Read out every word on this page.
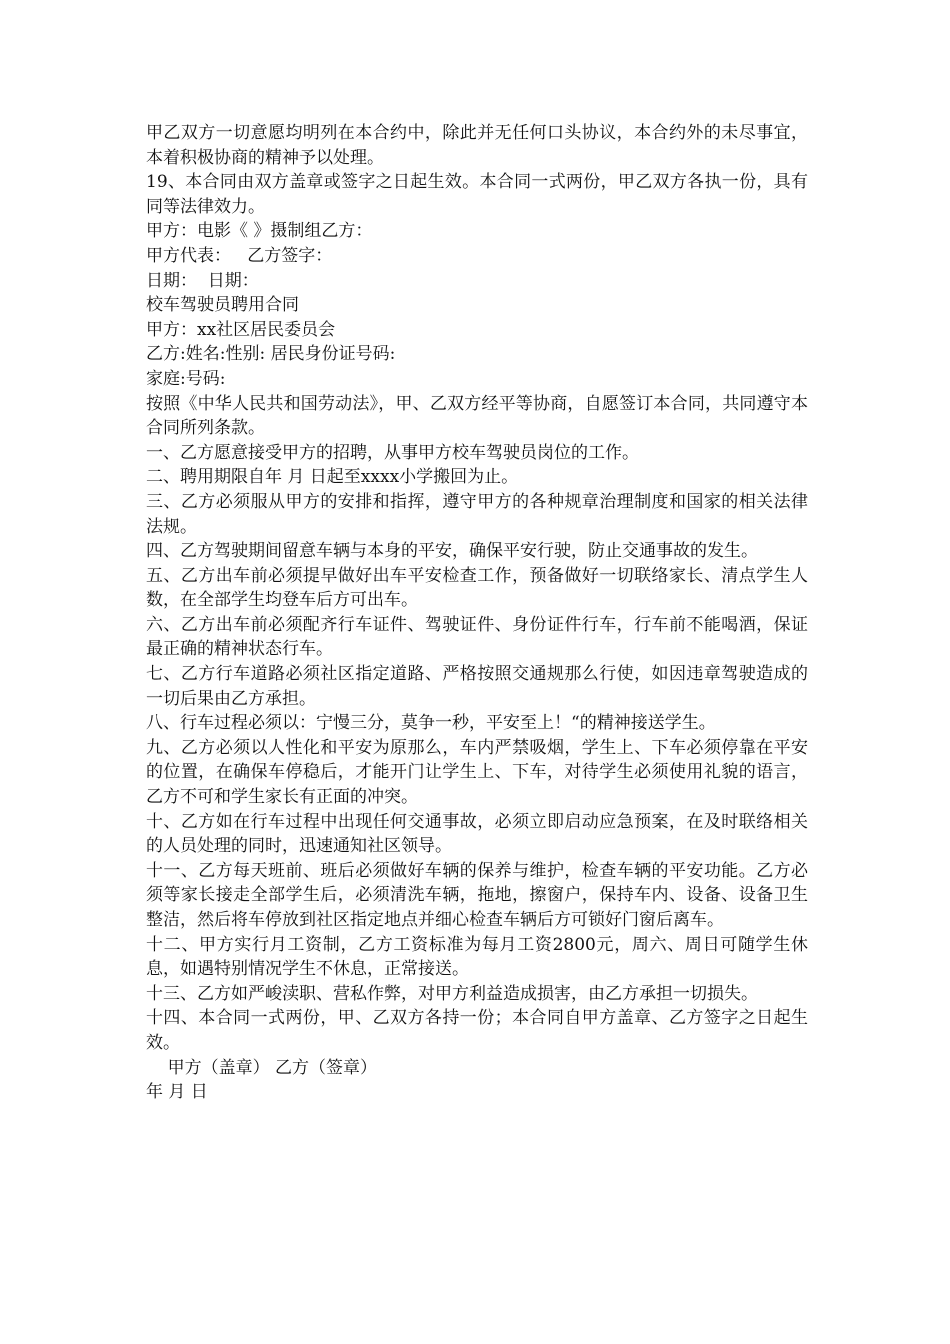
甲乙双方一切意愿均明列在本合约中，除此并无任何口头协议，本合约外的未尽事宜，本着积极协商的精神予以处理。

19、本合同由双方盖章或签字之日起生效。本合同一式两份，甲乙双方各执一份，具有同等法律效力。

甲方：电影《 》摄制组乙方：

甲方代表：   乙方签字：

日期：  日期：

校车驾驶员聘用合同

甲方：xx社区居民委员会

乙方:姓名:性别: 居民身份证号码:

家庭:号码:

按照《中华人民共和国劳动法》，甲、乙双方经平等协商，自愿签订本合同，共同遵守本合同所列条款。

一、乙方愿意接受甲方的招聘，从事甲方校车驾驶员岗位的工作。

二、聘用期限自年 月 日起至xxxx小学搬回为止。

三、乙方必须服从甲方的安排和指挥，遵守甲方的各种规章治理制度和国家的相关法律法规。

四、乙方驾驶期间留意车辆与本身的平安，确保平安行驶，防止交通事故的发生。

五、乙方出车前必须提早做好出车平安检查工作，预备做好一切联络家长、清点学生人数，在全部学生均登车后方可出车。

六、乙方出车前必须配齐行车证件、驾驶证件、身份证件行车，行车前不能喝酒，保证最正确的精神状态行车。

七、乙方行车道路必须社区指定道路、严格按照交通规那么行使，如因违章驾驶造成的一切后果由乙方承担。

八、行车过程必须以：宁慢三分，莫争一秒，平安至上！“的精神接送学生。

九、乙方必须以人性化和平安为原那么，车内严禁吸烟，学生上、下车必须停靠在平安的位置，在确保车停稳后，才能开门让学生上、下车，对待学生必须使用礼貌的语言，乙方不可和学生家长有正面的冲突。

十、乙方如在行车过程中出现任何交通事故，必须立即启动应急预案，在及时联络相关的人员处理的同时，迅速通知社区领导。

十一、乙方每天班前、班后必须做好车辆的保养与维护，检查车辆的平安功能。乙方必须等家长接走全部学生后，必须清洗车辆，拖地，擦窗户，保持车内、设备、设备卫生整洁，然后将车停放到社区指定地点并细心检查车辆后方可锁好门窗后离车。

十二、甲方实行月工资制，乙方工资标准为每月工资2800元，周六、周日可随学生休息，如遇特别情况学生不休息，正常接送。

十三、乙方如严峻渎职、营私作弊，对甲方利益造成损害，由乙方承担一切损失。

十四、本合同一式两份，甲、乙双方各持一份；本合同自甲方盖章、乙方签字之日起生效。

甲方（盖章） 乙方（签章）

年 月 日
